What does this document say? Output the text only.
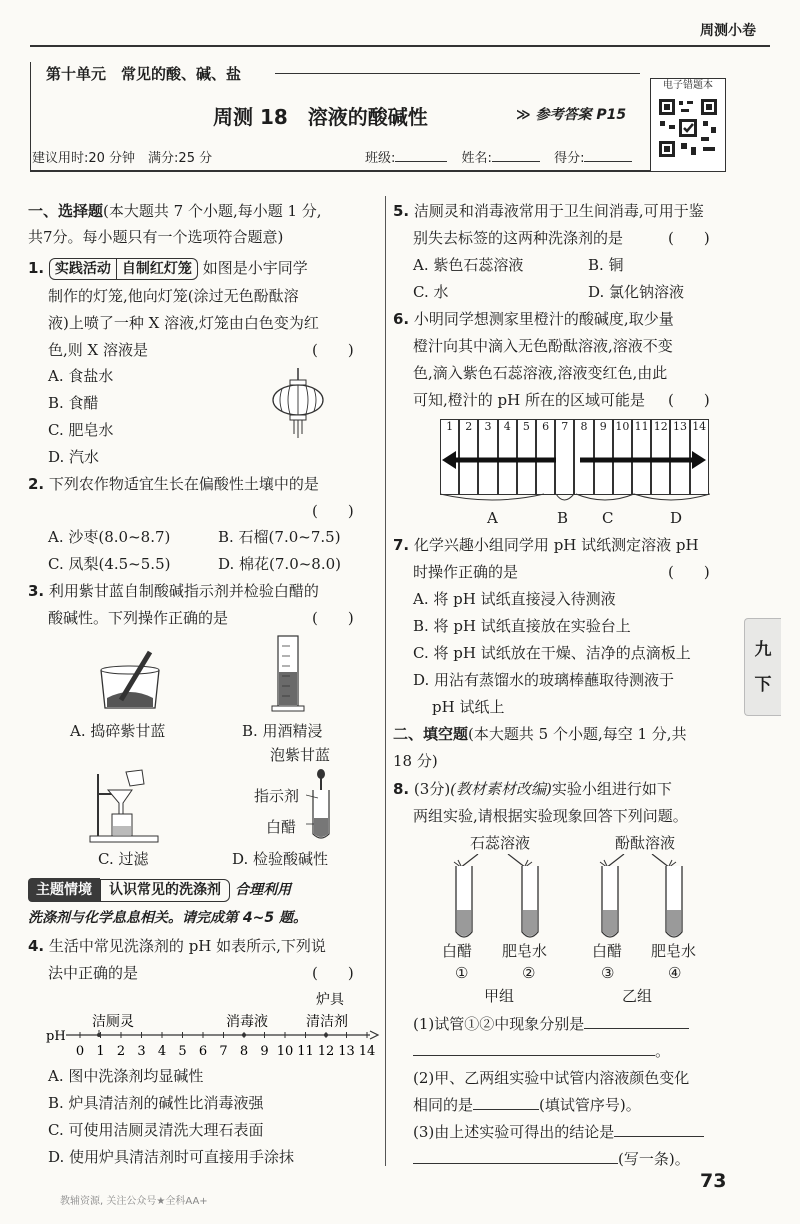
周测小卷
第十单元　常见的酸、碱、盐
周测 18　溶液的酸碱性	≫ 参考答案 P15
电子错题本
建议用时:20 分钟　满分:25 分	班级:	姓名:	得分:
一、选择题(本大题共 7 个小题,每小题 1 分,
共7分。每小题只有一个选项符合题意)
1. 实践活动 自制红灯笼 如图是小宇同学
制作的灯笼,他向灯笼(涂过无色酚酞溶
液)上喷了一种 X 溶液,灯笼由白色变为红
色,则 X 溶液是	(　　)
A. 食盐水
B. 食醋
C. 肥皂水
D. 汽水
2. 下列农作物适宜生长在偏酸性土壤中的是
(　　)
A. 沙枣(8.0~8.7)	B. 石榴(7.0~7.5)
C. 凤梨(4.5~5.5)	D. 棉花(7.0~8.0)
3. 利用紫甘蓝自制酸碱指示剂并检验白醋的
酸碱性。下列操作正确的是	(　　)
A. 捣碎紫甘蓝	B. 用酒精浸
泡紫甘蓝
C. 过滤
指示剂
白醋
D. 检验酸碱性
主题情境 认识常见的洗涤剂 合理利用
洗涤剂与化学息息相关。请完成第 4~5 题。
4. 生活中常见洗涤剂的 pH 如表所示,下列说
法中正确的是	(　　)
pH
0 1 2 3 4 5 6 7 8 9 10 11 12 13 14
洁厕灵	消毒液
炉具
清洁剂
A. 图中洗涤剂均显碱性
B. 炉具清洁剂的碱性比消毒液强
C. 可使用洁厕灵清洗大理石表面
D. 使用炉具清洁剂时可直接用手涂抹
5. 洁厕灵和消毒液常用于卫生间消毒,可用于鉴
别失去标签的这两种洗涤剂的是	(　　)
A. 紫色石蕊溶液	B. 铜
C. 水	D. 氯化钠溶液
6. 小明同学想测家里橙汁的酸碱度,取少量
橙汁向其中滴入无色酚酞溶液,溶液不变
色,滴入紫色石蕊溶液,溶液变红色,由此
可知,橙汁的 pH 所在的区域可能是 (　　)
1	2	3	4	5	6	7	8	9 10 11 12 13 14
A	B C	D
7. 化学兴趣小组同学用 pH 试纸测定溶液 pH
时操作正确的是	(　　)
A. 将 pH 试纸直接浸入待测液
B. 将 pH 试纸直接放在实验台上
C. 将 pH 试纸放在干燥、洁净的点滴板上
D. 用沾有蒸馏水的玻璃棒蘸取待测液于
pH 试纸上
二、填空题(本大题共 5 个小题,每空 1 分,共
18 分)
8. (3分)(教材素材改编)实验小组进行如下
两组实验,请根据实验现象回答下列问题。
石蕊溶液	酚酞溶液
白醋 肥皂水	白醋 肥皂水
①	②	③	④
甲组	乙组
(1)试管①②中现象分别是
。
(2)甲、乙两组实验中试管内溶液颜色变化
相同的是	(填试管序号)。
(3)由上述实验可得出的结论是
(写一条)。
九
下
教辅资源, 关注公众号★全科AA+
73
